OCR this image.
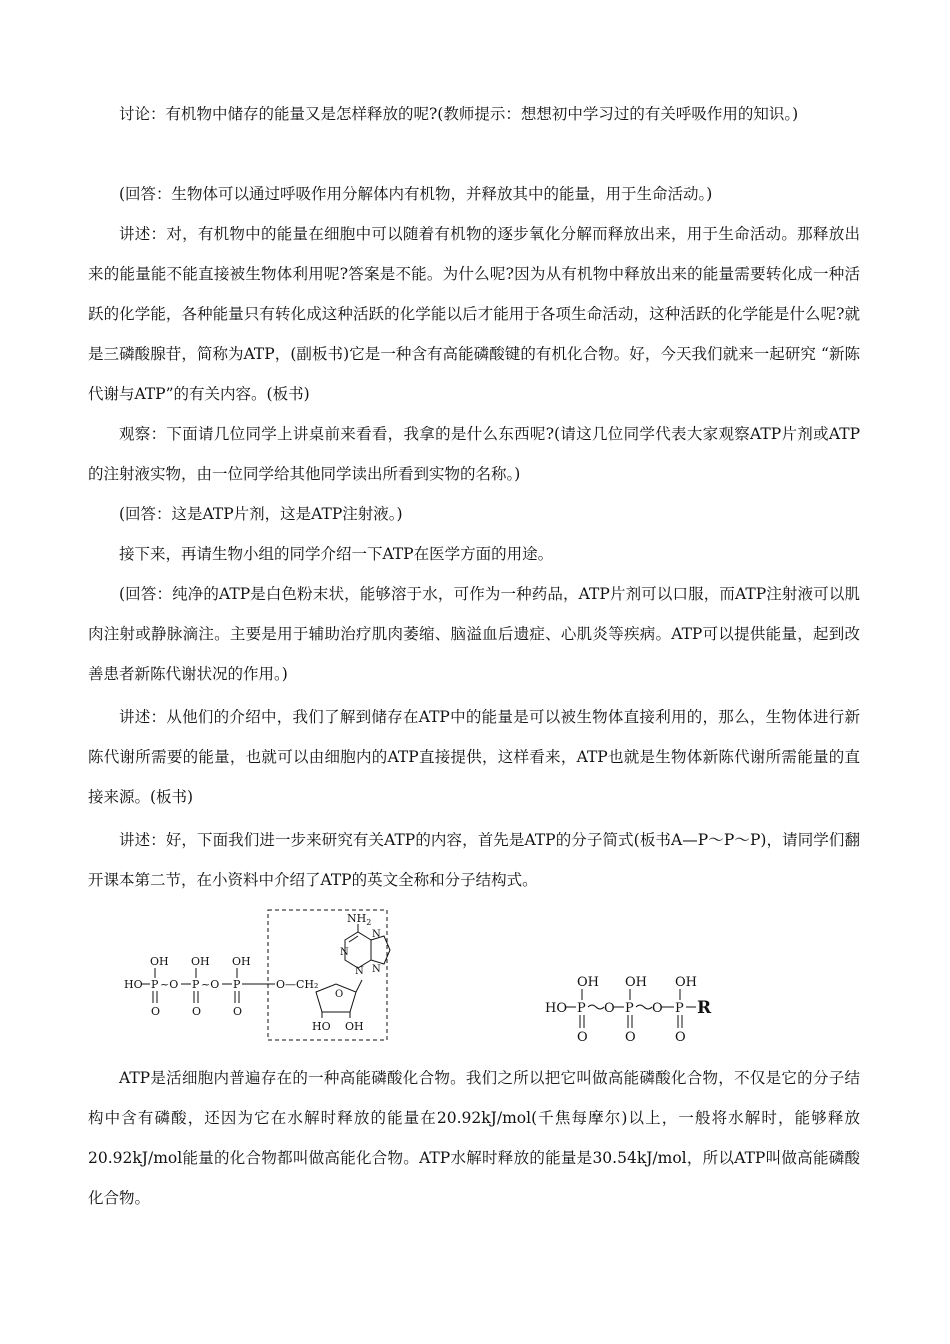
讨论：有机物中储存的能量又是怎样释放的呢?(教师提示：想想初中学习过的有关呼吸作用的知识。)

(回答：生物体可以通过呼吸作用分解体内有机物，并释放其中的能量，用于生命活动。)

讲述：对，有机物中的能量在细胞中可以随着有机物的逐步氧化分解而释放出来，用于生命活动。那释放出来的能量能不能直接被生物体利用呢?答案是不能。为什么呢?因为从有机物中释放出来的能量需要转化成一种活跃的化学能，各种能量只有转化成这种活跃的化学能以后才能用于各项生命活动，这种活跃的化学能是什么呢?就是三磷酸腺苷，简称为ATP，(副板书)它是一种含有高能磷酸键的有机化合物。好，今天我们就来一起研究 “新陈代谢与ATP”的有关内容。(板书)

观察：下面请几位同学上讲桌前来看看，我拿的是什么东西呢?(请这几位同学代表大家观察ATP片剂或ATP的注射液实物，由一位同学给其他同学读出所看到实物的名称。)

(回答：这是ATP片剂，这是ATP注射液。)

接下来，再请生物小组的同学介绍一下ATP在医学方面的用途。

(回答：纯净的ATP是白色粉末状，能够溶于水，可作为一种药品，ATP片剂可以口服，而ATP注射液可以肌肉注射或静脉滴注。主要是用于辅助治疗肌肉萎缩、脑溢血后遗症、心肌炎等疾病。ATP可以提供能量，起到改善患者新陈代谢状况的作用。)

讲述：从他们的介绍中，我们了解到储存在ATP中的能量是可以被生物体直接利用的，那么，生物体进行新陈代谢所需要的能量，也就可以由细胞内的ATP直接提供，这样看来，ATP也就是生物体新陈代谢所需能量的直接来源。(板书)

讲述：好，下面我们进一步来研究有关ATP的内容，首先是ATP的分子简式(板书A—P～P～P)，请同学们翻开课本第二节，在小资料中介绍了ATP的英文全称和分子结构式。

HO P
OH
O
~O P
OH
O
~O P
OH
O
O—CH₂
O
HO OH
$NH_2$
N
N
N
N
HO P
OH
O
O P
OH
O
O P
OH
O
R

ATP是活细胞内普遍存在的一种高能磷酸化合物。我们之所以把它叫做高能磷酸化合物，不仅是它的分子结构中含有磷酸，还因为它在水解时释放的能量在20.92kJ/mol(千焦每摩尔)以上，一般将水解时，能够释放20.92kJ/mol能量的化合物都叫做高能化合物。ATP水解时释放的能量是30.54kJ/mol，所以ATP叫做高能磷酸化合物。
